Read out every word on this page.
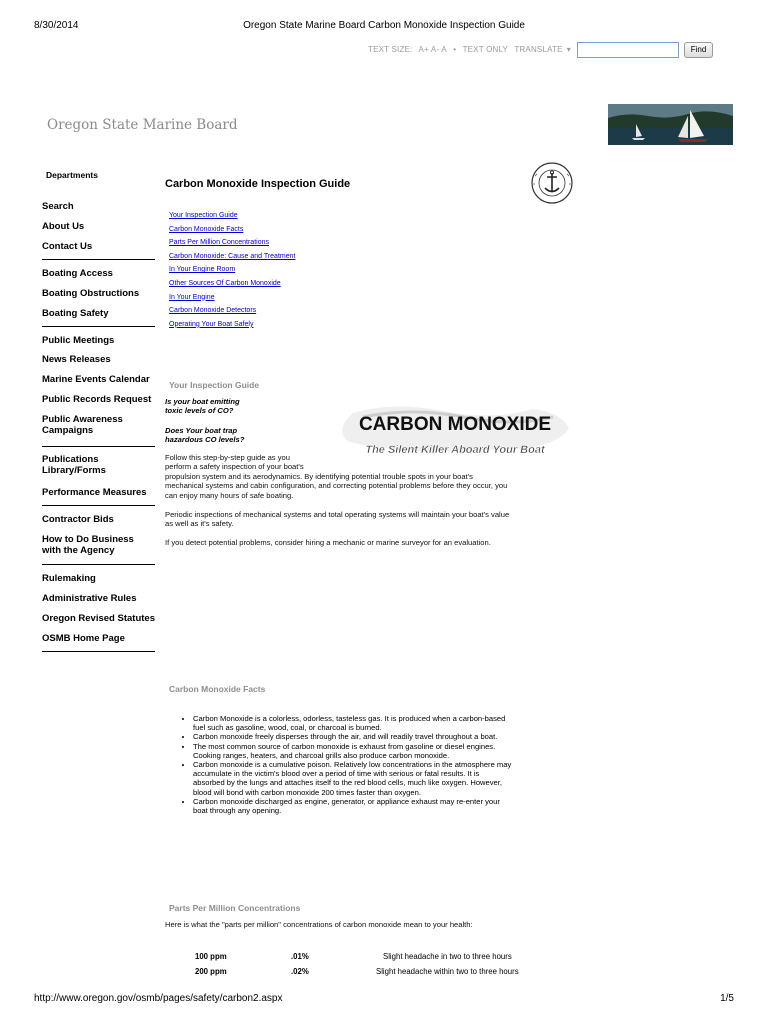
8/30/2014	Oregon State Marine Board Carbon Monoxide Inspection Guide
TEXT SIZE: A+ A- A • TEXT ONLY TRANSLATE ▾	Find
Oregon State Marine Board
Departments
Search
About Us
Contact Us
Boating Access
Boating Obstructions
Boating Safety
Public Meetings
News Releases
Marine Events Calendar
Public Records Request
Public Awareness Campaigns
Publications Library/Forms
Performance Measures
Contractor Bids
How to Do Business with the Agency
Rulemaking
Administrative Rules
Oregon Revised Statutes
OSMB Home Page
Carbon Monoxide Inspection Guide
Your Inspection Guide
Carbon Monoxide Facts
Parts Per Million Concentrations
Carbon Monoxide: Cause and Treatment
In Your Engine Room
Other Sources Of Carbon Monoxide
In Your Engine
Carbon Monoxide Detectors
Operating Your Boat Safely
Your Inspection Guide
Is your boat emitting
toxic levels of CO?
Does Your boat trap
hazardous CO levels?
CARBON MONOXIDE
The Silent Killer Aboard Your Boat
Follow this step-by-step guide as you
perform a safety inspection of your boat's
propulsion system and its aerodynamics. By identifying potential trouble spots in your boat's
mechanical systems and cabin configuration, and correcting potential problems before they occur, you
can enjoy many hours of safe boating.
Periodic inspections of mechanical systems and total operating systems will maintain your boat's value
as well as it's safety.
If you detect potential problems, consider hiring a mechanic or marine surveyor for an evaluation.
Carbon Monoxide Facts
• Carbon Monoxide is a colorless, odorless, tasteless gas. It is produced when a carbon-based
fuel such as gasoline, wood, coal, or charcoal is burned.
• Carbon monoxide freely disperses through the air, and will readily travel throughout a boat.
• The most common source of carbon monoxide is exhaust from gasoline or diesel engines.
Cooking ranges, heaters, and charcoal grills also produce carbon monoxide.
• Carbon monoxide is a cumulative poison. Relatively low concentrations in the atmosphere may
accumulate in the victim's blood over a period of time with serious or fatal results. It is
absorbed by the lungs and attaches itself to the red blood cells, much like oxygen. However,
blood will bond with carbon monoxide 200 times faster than oxygen.
• Carbon monoxide discharged as engine, generator, or appliance exhaust may re-enter your
boat through any opening.
Parts Per Million Concentrations
Here is what the "parts per million" concentrations of carbon monoxide mean to your health:
100 ppm	.01%	Slight headache in two to three hours
200 ppm	.02%	Slight headache within two to three hours
http://www.oregon.gov/osmb/pages/safety/carbon2.aspx	1/5
